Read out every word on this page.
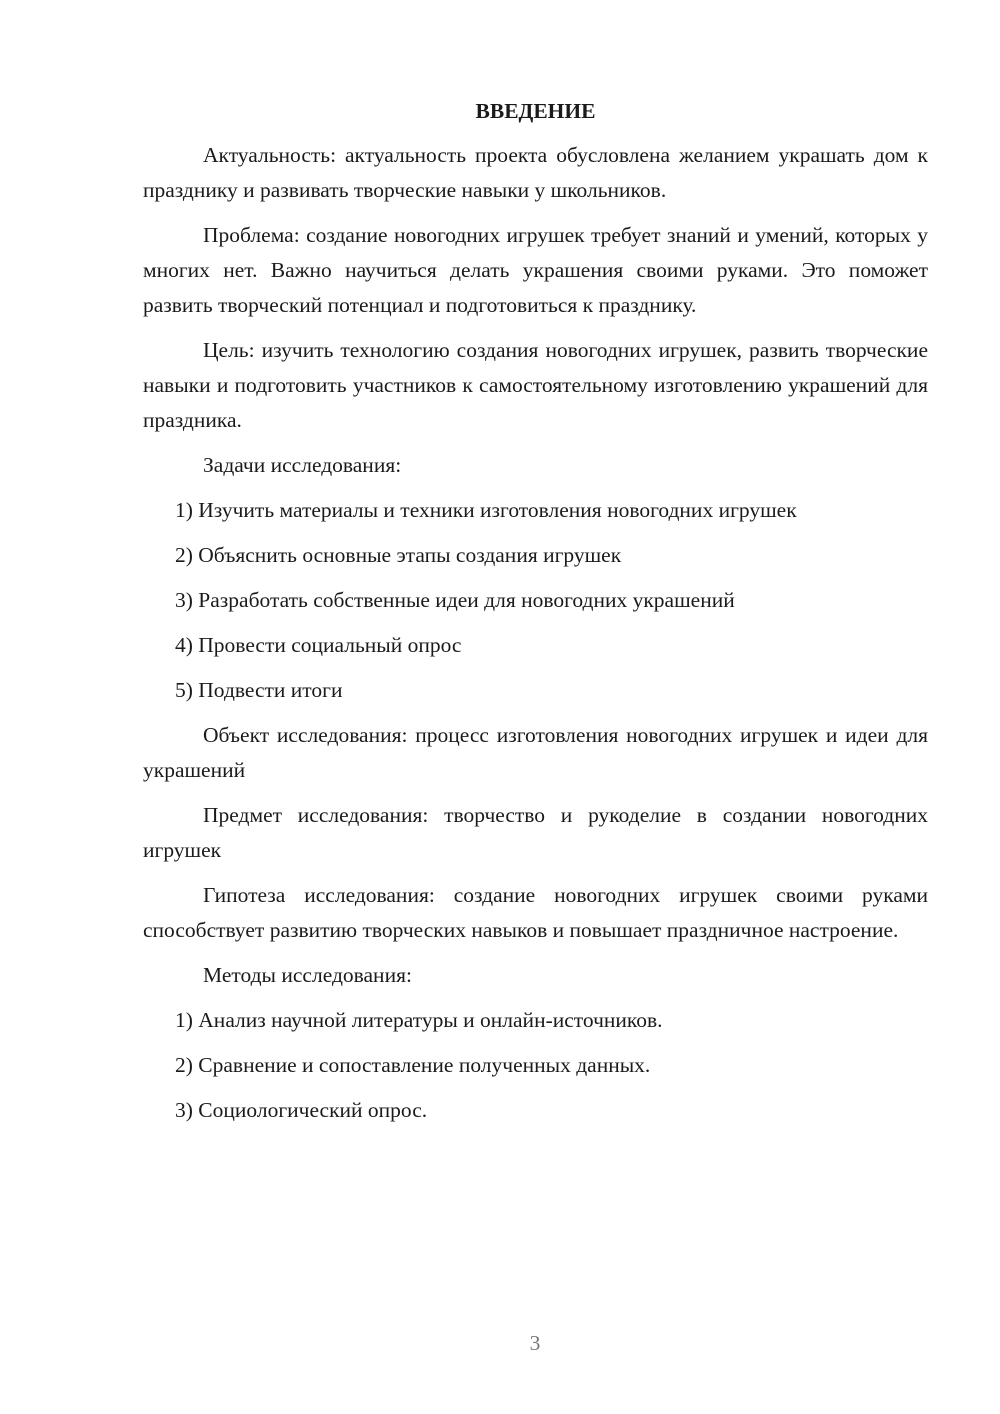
ВВЕДЕНИЕ

Актуальность: актуальность проекта обусловлена желанием украшать дом к празднику и развивать творческие навыки у школьников.

Проблема: создание новогодних игрушек требует знаний и умений, которых у многих нет. Важно научиться делать украшения своими руками. Это поможет развить творческий потенциал и подготовиться к празднику.

Цель: изучить технологию создания новогодних игрушек, развить творческие навыки и подготовить участников к самостоятельному изготовлению украшений для праздника.

Задачи исследования:

1) Изучить материалы и техники изготовления новогодних игрушек
2) Объяснить основные этапы создания игрушек
3) Разработать собственные идеи для новогодних украшений
4) Провести социальный опрос
5) Подвести итоги

Объект исследования: процесс изготовления новогодних игрушек и идеи для украшений

Предмет исследования: творчество и рукоделие в создании новогодних игрушек

Гипотеза исследования: создание новогодних игрушек своими руками способствует развитию творческих навыков и повышает праздничное настроение.

Методы исследования:

1) Анализ научной литературы и онлайн-источников.
2) Сравнение и сопоставление полученных данных.
3) Социологический опрос.
3
